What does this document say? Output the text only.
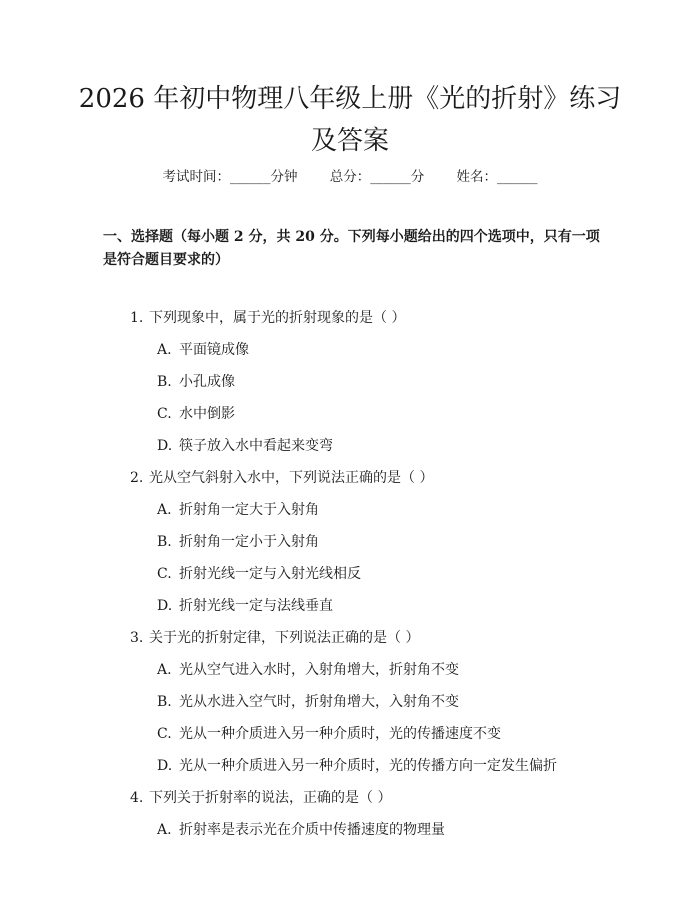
2026 年初中物理八年级上册《光的折射》练习及答案
考试时间：______分钟 总分：______分 姓名：______
一、选择题（每小题 2 分，共 20 分。下列每小题给出的四个选项中，只有一项是符合题目要求的）
1. 下列现象中，属于光的折射现象的是（ ）
A. 平面镜成像
B. 小孔成像
C. 水中倒影
D. 筷子放入水中看起来变弯
2. 光从空气斜射入水中，下列说法正确的是（ ）
A. 折射角一定大于入射角
B. 折射角一定小于入射角
C. 折射光线一定与入射光线相反
D. 折射光线一定与法线垂直
3. 关于光的折射定律，下列说法正确的是（ ）
A. 光从空气进入水时，入射角增大，折射角不变
B. 光从水进入空气时，折射角增大，入射角不变
C. 光从一种介质进入另一种介质时，光的传播速度不变
D. 光从一种介质进入另一种介质时，光的传播方向一定发生偏折
4. 下列关于折射率的说法，正确的是（ ）
A. 折射率是表示光在介质中传播速度的物理量
